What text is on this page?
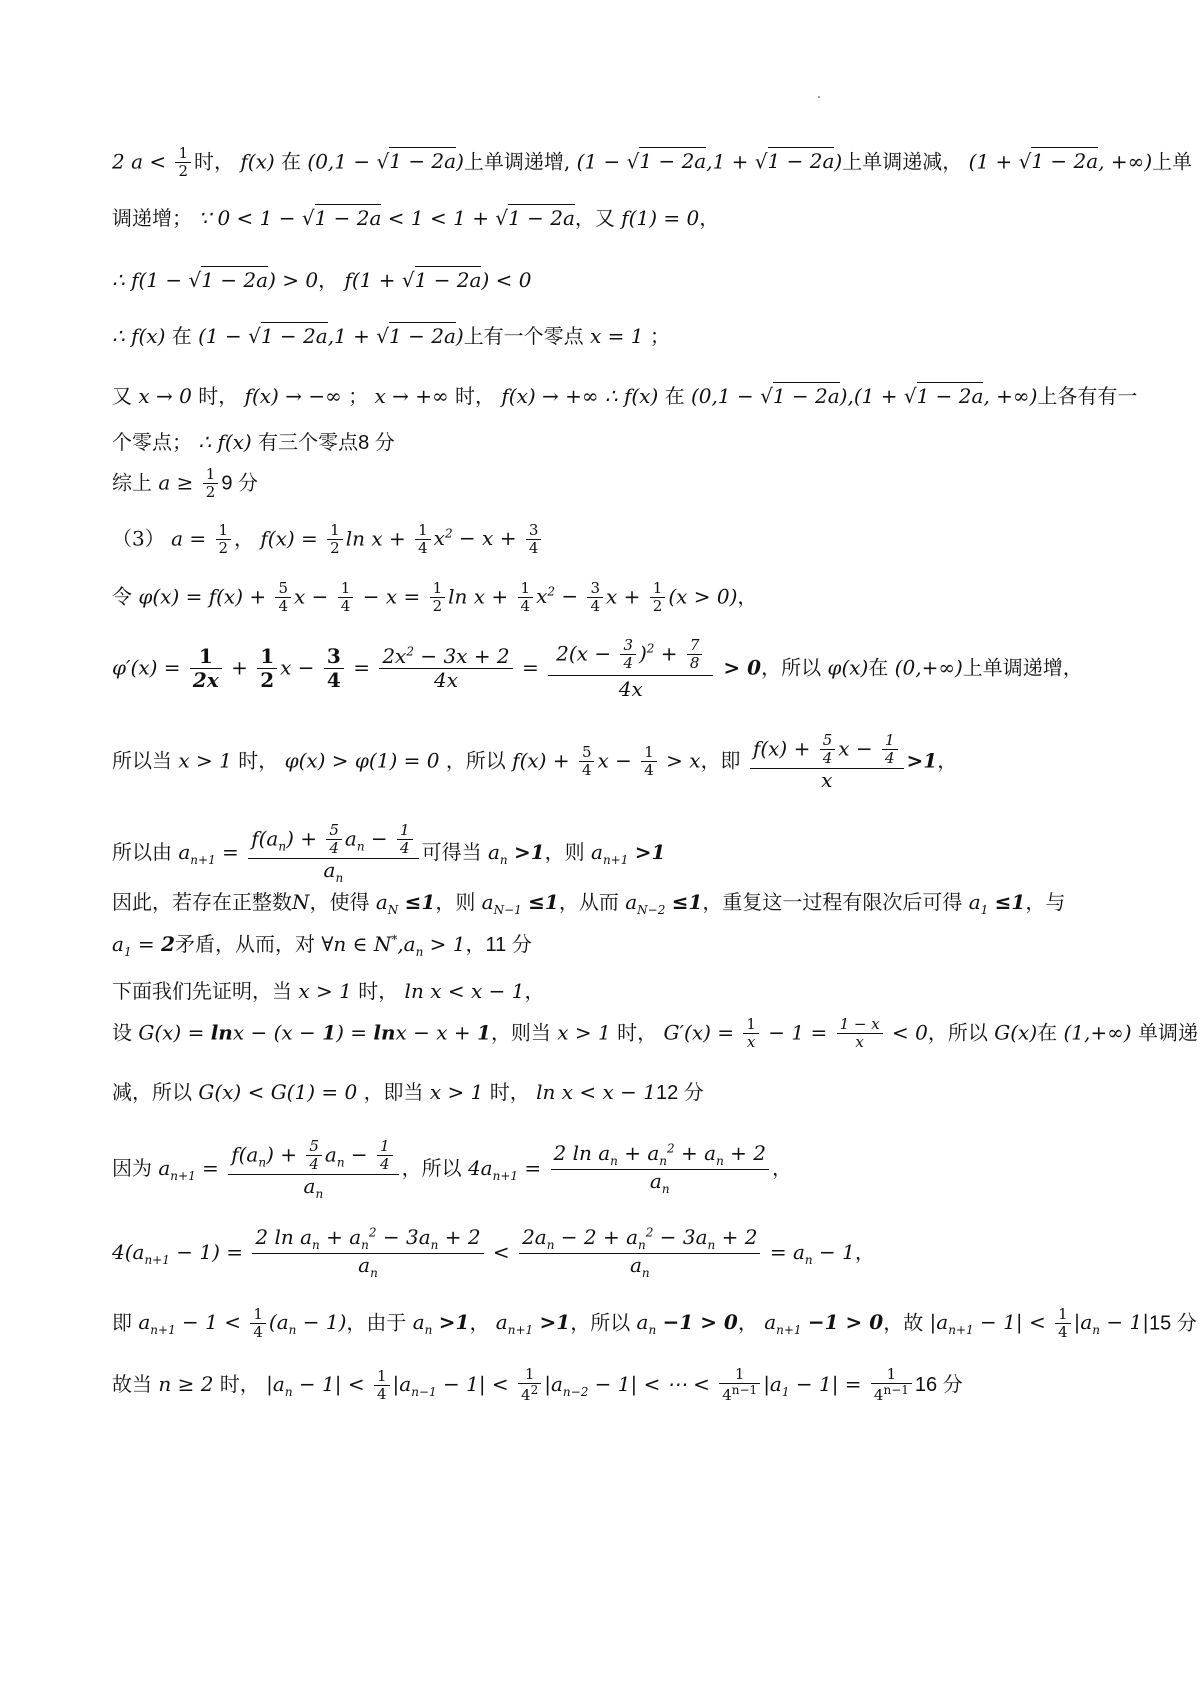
2 $a < \frac{1}{2}$ 时， f(x) 在 (0,1 − √1 − 2a)上单调递增, (1 − √1 − 2a,1 + √1 − 2a)上单调递减， (1 + √1 − 2a, +∞)上单
调递增； ∵ 0 < 1 − √1 − 2a < 1 < 1 + √1 − 2a，又 f(1) = 0，
∴ f(1 − √1 − 2a) > 0， f(1 + √1 − 2a) < 0
∴ f(x) 在 (1 − √1 − 2a,1 + √1 − 2a)上有一个零点 x = 1 ；
又 x → 0 时， f(x) → −∞ ； x → +∞ 时， f(x) → +∞ ∴ f(x) 在 (0,1 − √1 − 2a),(1 + √1 − 2a, +∞)上各有有一
个零点； ∴ f(x) 有三个零点8 分
综上 $a \ge \frac{1}{2} 9$ 分
（3） $a = \frac{1}{2}$ ， $f(x) = \frac{1}{2}$ $\ln x + \frac{1}{4} x^2 - x + \frac{3}{4}$
令 $\varphi(x) = f(x) + \frac{5}{4}$ $x - \frac{1}{4} - x = \frac{1}{2}$ $\ln x + \frac{1}{4} x^2 - \frac{3}{4}$ $x + \frac{1}{2} (x > 0)$，
$\varphi'(x) = \frac{1}{2x} + \frac{1}{2}$ $x - \frac{3}{4} = \frac{2x^2 - 3x + 2}{4x} = \frac{2(x - \frac{3}{4} )^2 + \frac{7}{8}}{4x} > 0$，所以 φ(x)在 (0,+∞)上单调递增，
所以当 x > 1 时， φ(x) > φ(1) = 0 ，所以 $f(x) + \frac{5}{4}$ $x - \frac{1}{4} > x$，即 $\frac{f(x) + \frac{5}{4} x - \frac{1}{4}}{x} >1$，
所以由 $a_{n+1} = \frac{f(a_n) + \frac{5}{4} a_n - \frac{1}{4}}{a_n}$ 可得当 $a_n >1$，则 $a_{n+1} >1$
因此，若存在正整数N，使得 $a_N \le 1$，则 $a_{N-1} \le 1$，从而 $a_{N-2} \le 1$，重复这一过程有限次后可得 $a_1 \le 1$，与
$a_1 = 2$矛盾，从而，对 ∀n ∈ $N^*,a_n > 1$，11 分
下面我们先证明，当 x > 1 时， ln x < x − 1，
设 G(x) = lnx − (x − 1) = lnx − x + 1，则当 x > 1 时， $G'(x) = \frac{1}{x} - 1 = \frac{1 - x}{x} < 0$，所以 G(x)在 (1,+∞) 单调递
减，所以 G(x) < G(1) = 0 ，即当 x > 1 时， ln x < x − 112 分
因为 $a_{n+1} = \frac{f(a_n) + \frac{5}{4} a_n - \frac{1}{4}}{a_n}$ ，所以 $4a_{n+1} = \frac{2 \ln a_n + a_n^2 + a_n + 2}{a_n}$ ，
$4(a_{n+1} - 1) = \frac{2 \ln a_n + a_n^2 - 3a_n + 2}{a_n} < \frac{2a_n - 2 + a_n^2 - 3a_n + 2}{a_n} = a_n - 1$，
即 $a_{n+1} - 1 < \frac{1}{4} (a_n - 1)$，由于 $a_n >1$， $a_{n+1} >1$，所以 $a_n -1 > 0$， $a_{n+1} -1 > 0$，故 $|a_{n+1} - 1| < \frac{1}{4} |a_n - 1|15$ 分
故当 n ≥ 2 时， $|a_n - 1| < \frac{1}{4} |a_{n-1} - 1| < \frac{1}{4^2} |a_{n-2} - 1|$ < ⋯ < $\frac{1}{4^{n-1}} |a_1 - 1| = \frac{1}{4^{n-1}} 16$ 分
